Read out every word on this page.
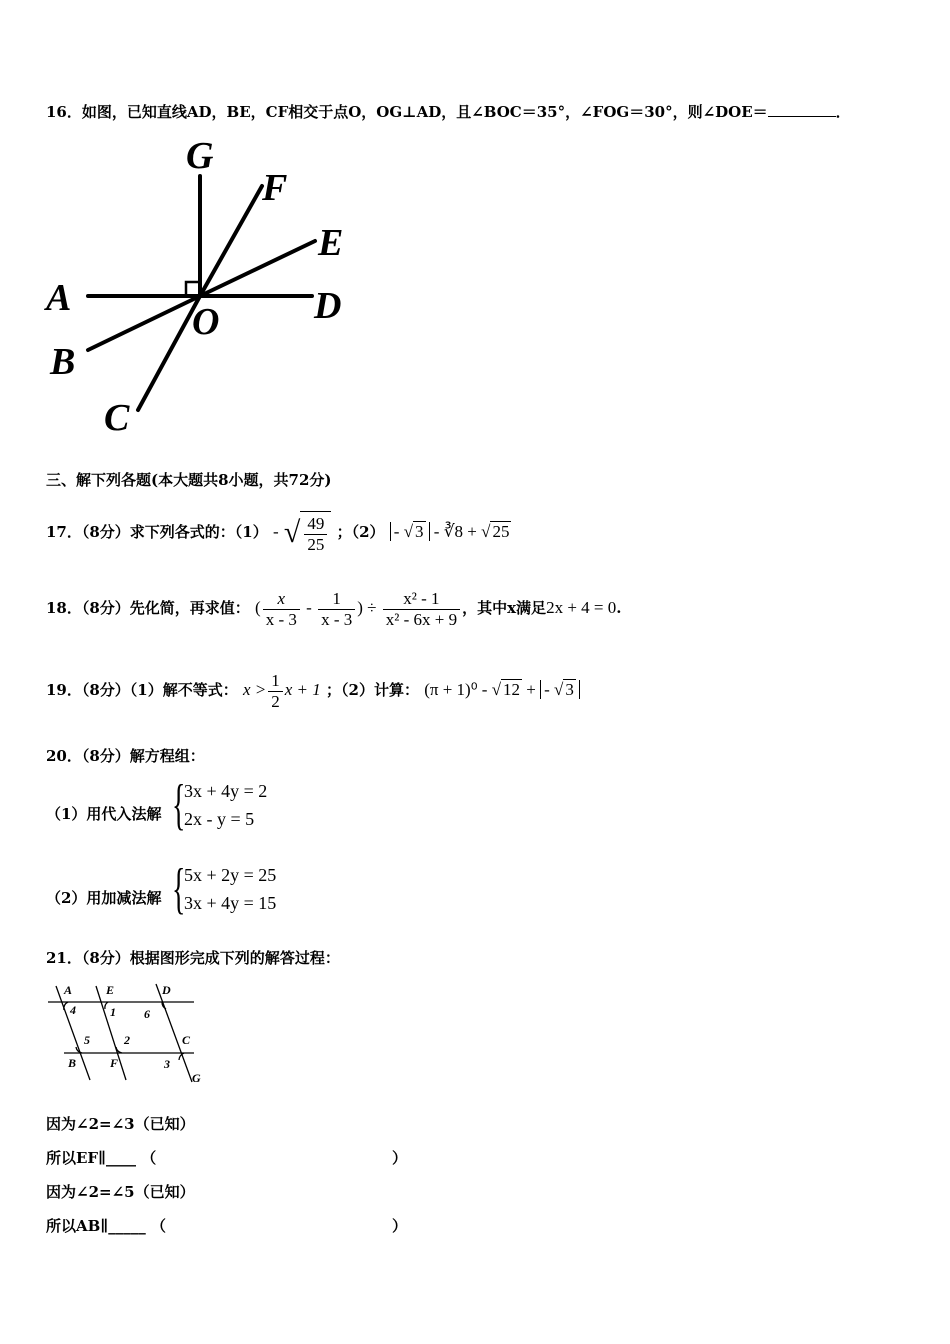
16．如图，已知直线AD，BE，CF相交于点O，OG⊥AD，且∠BOC＝35°，∠FOG＝30°，则∠DOE＝	．
G
F
E
A	D
O
B
C
三、解下列各题(本大题共8小题，共72分)
17．（8分）求下列各式的：（1） - √ $\frac{49}{25}$ ；（2） - √ 3 - ∛8 + √ 25
18．（8分）先化简，再求值： ( $\frac{x}{x - 3} - \frac{1}{x - 3}$ ) ÷ $\frac{\text{x² - 1}}{\text{x² - 6x + 9}}$ ，其中x满足2x + 4 = 0.
19．（8分）（1）解不等式： $x > \frac{1}{2}$ x + 1 ；（2）计算： (π + 1)⁰ - √ 12 + - √ 3
20．（8分）解方程组：
（1）用代入法解 {
3x + 4y = 2
2x - y = 5
（2）用加减法解 {
5x + 2y = 25
3x + 4y = 15
21．（8分）根据图形完成下列的解答过程：
A	E	D
4	1 6
5	2	C
B	F	3
G
因为∠2=∠3（已知）
所以EF∥____ （	）
因为∠2=∠5（已知）
所以AB∥_____ （	）
